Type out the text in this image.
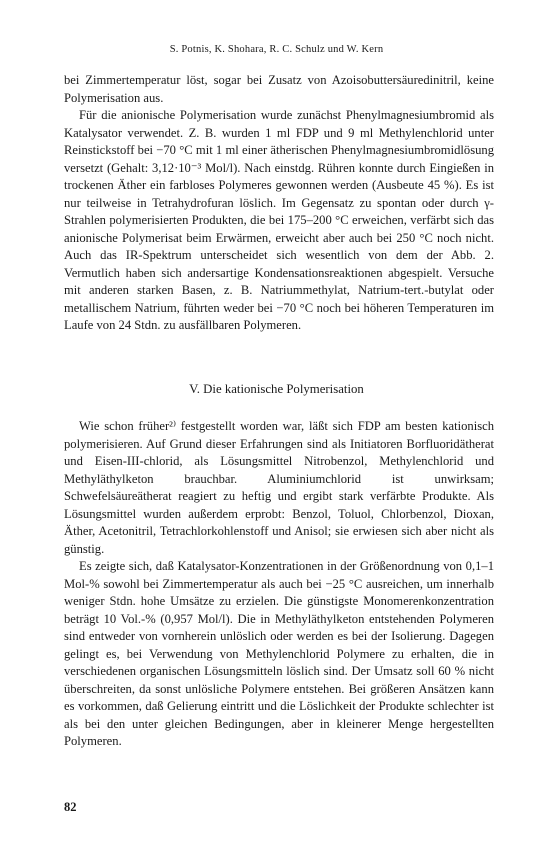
S. Potnis, K. Shohara, R. C. Schulz und W. Kern

bei Zimmertemperatur löst, sogar bei Zusatz von Azoisobuttersäuredinitril, keine Polymerisation aus.

Für die anionische Polymerisation wurde zunächst Phenylmagnesiumbromid als Katalysator verwendet. Z. B. wurden 1 ml FDP und 9 ml Methylenchlorid unter Reinstickstoff bei −70 °C mit 1 ml einer ätherischen Phenylmagnesiumbromidlösung versetzt (Gehalt: 3,12·10⁻³ Mol/l). Nach einstdg. Rühren konnte durch Eingießen in trockenen Äther ein farbloses Polymeres gewonnen werden (Ausbeute 45 %). Es ist nur teilweise in Tetrahydrofuran löslich. Im Gegensatz zu spontan oder durch γ-Strahlen polymerisierten Produkten, die bei 175–200 °C erweichen, verfärbt sich das anionische Polymerisat beim Erwärmen, erweicht aber auch bei 250 °C noch nicht. Auch das IR-Spektrum unterscheidet sich wesentlich von dem der Abb. 2. Vermutlich haben sich andersartige Kondensationsreaktionen abgespielt. Versuche mit anderen starken Basen, z. B. Natriummethylat, Natrium-tert.-butylat oder metallischem Natrium, führten weder bei −70 °C noch bei höheren Temperaturen im Laufe von 24 Stdn. zu ausfällbaren Polymeren.

V. Die kationische Polymerisation

Wie schon früher²⁾ festgestellt worden war, läßt sich FDP am besten kationisch polymerisieren. Auf Grund dieser Erfahrungen sind als Initiatoren Borfluoridätherat und Eisen-III-chlorid, als Lösungsmittel Nitrobenzol, Methylenchlorid und Methyläthylketon brauchbar. Aluminiumchlorid ist unwirksam; Schwefelsäureätherat reagiert zu heftig und ergibt stark verfärbte Produkte. Als Lösungsmittel wurden außerdem erprobt: Benzol, Toluol, Chlorbenzol, Dioxan, Äther, Acetonitril, Tetrachlorkohlenstoff und Anisol; sie erwiesen sich aber nicht als günstig.

Es zeigte sich, daß Katalysator-Konzentrationen in der Größenordnung von 0,1–1 Mol-% sowohl bei Zimmertemperatur als auch bei −25 °C ausreichen, um innerhalb weniger Stdn. hohe Umsätze zu erzielen. Die günstigste Monomerenkonzentration beträgt 10 Vol.-% (0,957 Mol/l). Die in Methyläthylketon entstehenden Polymeren sind entweder von vornherein unlöslich oder werden es bei der Isolierung. Dagegen gelingt es, bei Verwendung von Methylenchlorid Polymere zu erhalten, die in verschiedenen organischen Lösungsmitteln löslich sind. Der Umsatz soll 60 % nicht überschreiten, da sonst unlösliche Polymere entstehen. Bei größeren Ansätzen kann es vorkommen, daß Gelierung eintritt und die Löslichkeit der Produkte schlechter ist als bei den unter gleichen Bedingungen, aber in kleinerer Menge hergestellten Polymeren.

82
